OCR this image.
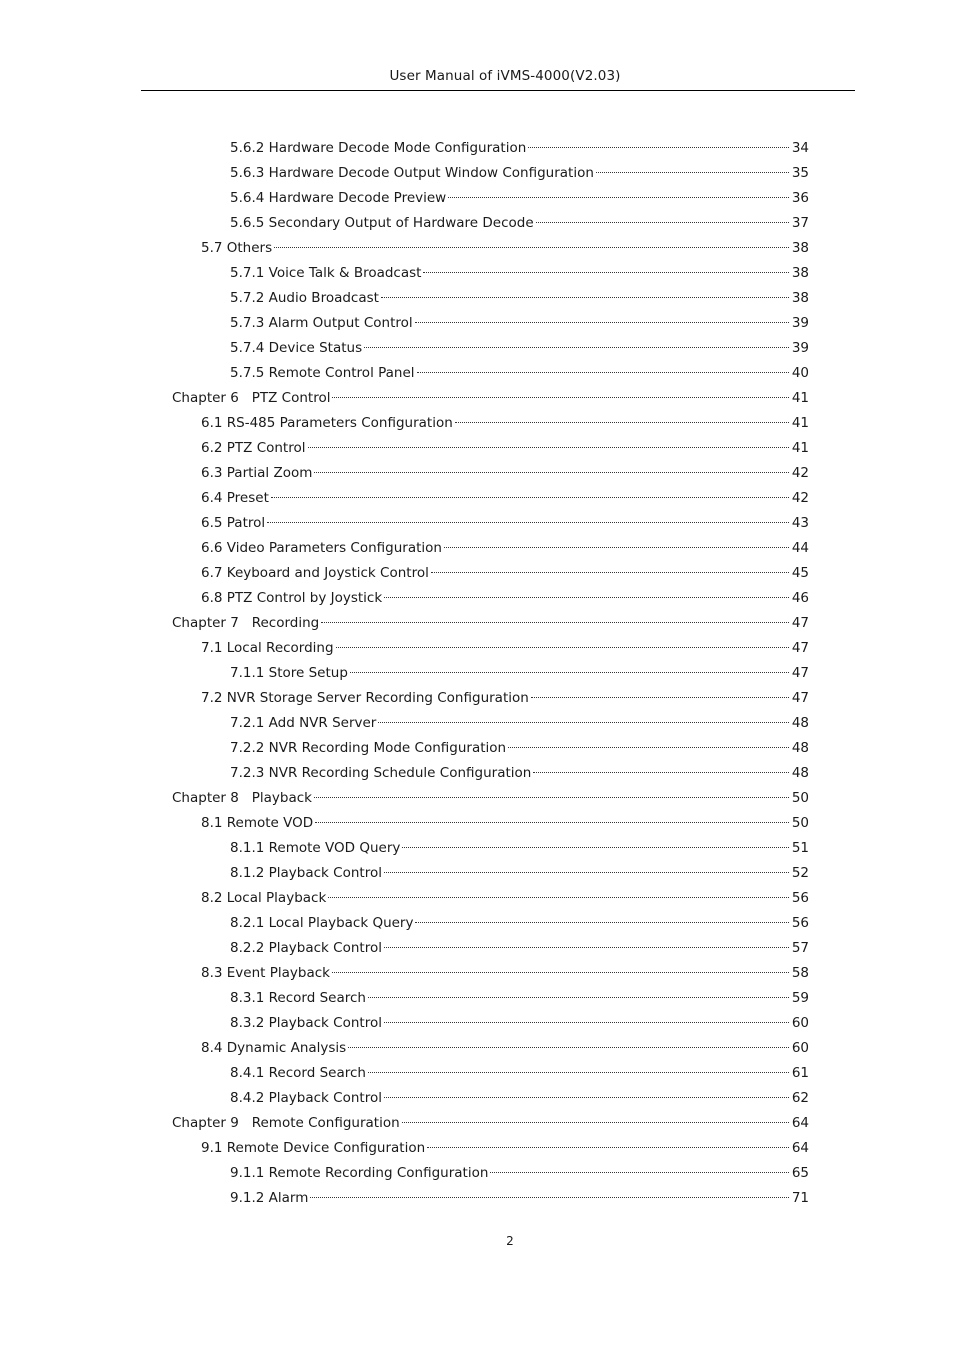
User Manual of iVMS-4000(V2.03)
5.6.2 Hardware Decode Mode Configuration	34
5.6.3 Hardware Decode Output Window Configuration	35
5.6.4 Hardware Decode Preview	36
5.6.5 Secondary Output of Hardware Decode	37
5.7 Others	38
5.7.1 Voice Talk & Broadcast	38
5.7.2 Audio Broadcast	38
5.7.3 Alarm Output Control	39
5.7.4 Device Status	39
5.7.5 Remote Control Panel	40
Chapter 6   PTZ Control	41
6.1 RS-485 Parameters Configuration	41
6.2 PTZ Control	41
6.3 Partial Zoom	42
6.4 Preset	42
6.5 Patrol	43
6.6 Video Parameters Configuration	44
6.7 Keyboard and Joystick Control	45
6.8 PTZ Control by Joystick	46
Chapter 7   Recording	47
7.1 Local Recording	47
7.1.1 Store Setup	47
7.2 NVR Storage Server Recording Configuration	47
7.2.1 Add NVR Server	48
7.2.2 NVR Recording Mode Configuration	48
7.2.3 NVR Recording Schedule Configuration	48
Chapter 8   Playback	50
8.1 Remote VOD	50
8.1.1 Remote VOD Query	51
8.1.2 Playback Control	52
8.2 Local Playback	56
8.2.1 Local Playback Query	56
8.2.2 Playback Control	57
8.3 Event Playback	58
8.3.1 Record Search	59
8.3.2 Playback Control	60
8.4 Dynamic Analysis	60
8.4.1 Record Search	61
8.4.2 Playback Control	62
Chapter 9   Remote Configuration	64
9.1 Remote Device Configuration	64
9.1.1 Remote Recording Configuration	65
9.1.2 Alarm	71
2
